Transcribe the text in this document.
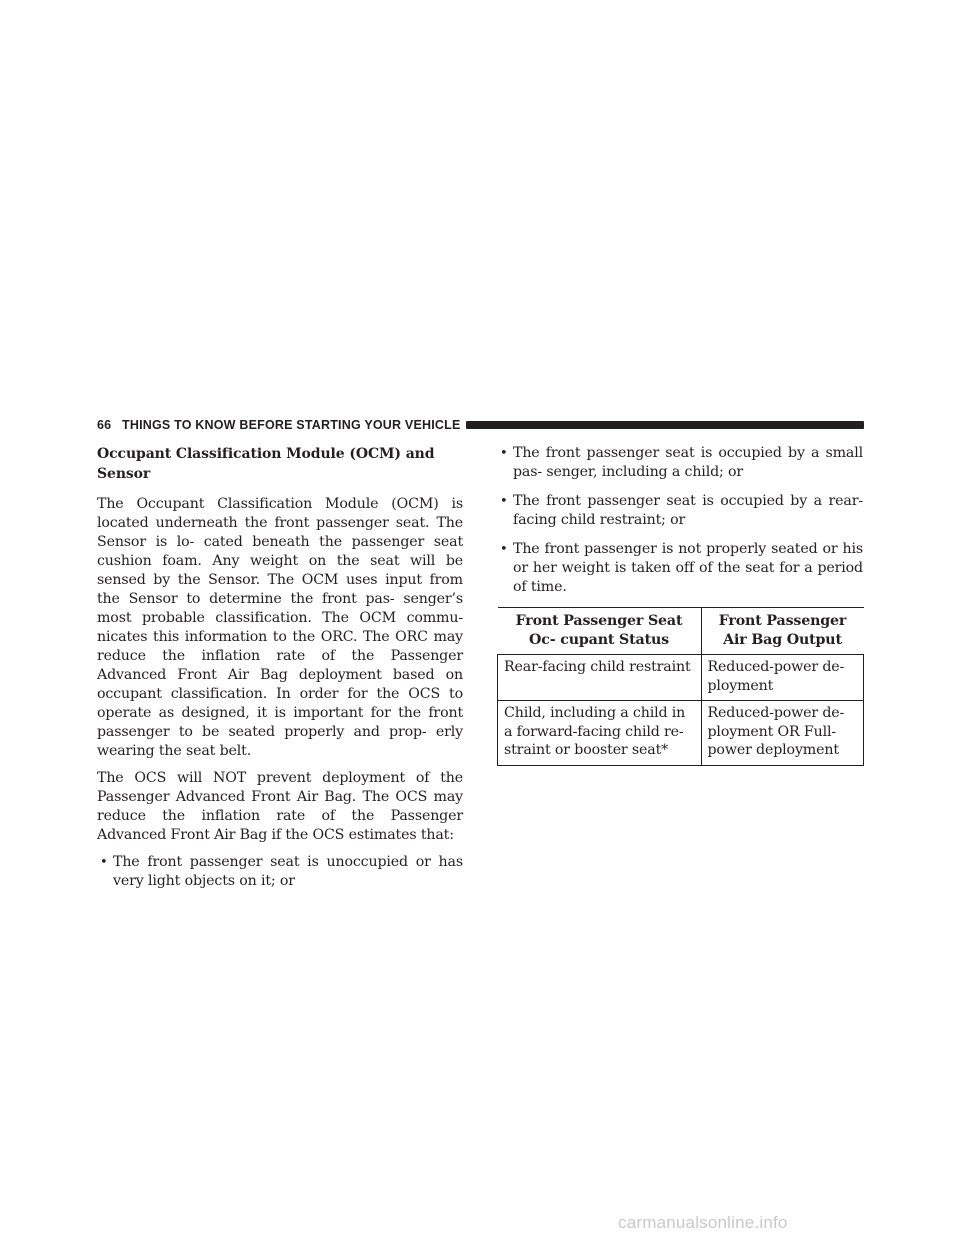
66 THINGS TO KNOW BEFORE STARTING YOUR VEHICLE
Occupant Classification Module (OCM) and Sensor

The Occupant Classification Module (OCM) is located underneath the front passenger seat. The Sensor is lo- cated beneath the passenger seat cushion foam. Any weight on the seat will be sensed by the Sensor. The OCM uses input from the Sensor to determine the front pas- senger’s most probable classification. The OCM commu- nicates this information to the ORC. The ORC may reduce the inflation rate of the Passenger Advanced Front Air Bag deployment based on occupant classification. In order for the OCS to operate as designed, it is important for the front passenger to be seated properly and prop- erly wearing the seat belt.

The OCS will NOT prevent deployment of the Passenger Advanced Front Air Bag. The OCS may reduce the inflation rate of the Passenger Advanced Front Air Bag if the OCS estimates that:

• The front passenger seat is unoccupied or has very light objects on it; or
• The front passenger seat is occupied by a small pas- senger, including a child; or
• The front passenger seat is occupied by a rear-facing child restraint; or
• The front passenger is not properly seated or his or her weight is taken off of the seat for a period of time.
Front Passenger Seat Oc- cupant Status	Front Passenger Air Bag Output
Rear-facing child restraint	Reduced-power de- ployment
Child, including a child in a forward-facing child re- straint or booster seat*	Reduced-power de- ployment OR Full- power deployment
carmanualsonline.info
